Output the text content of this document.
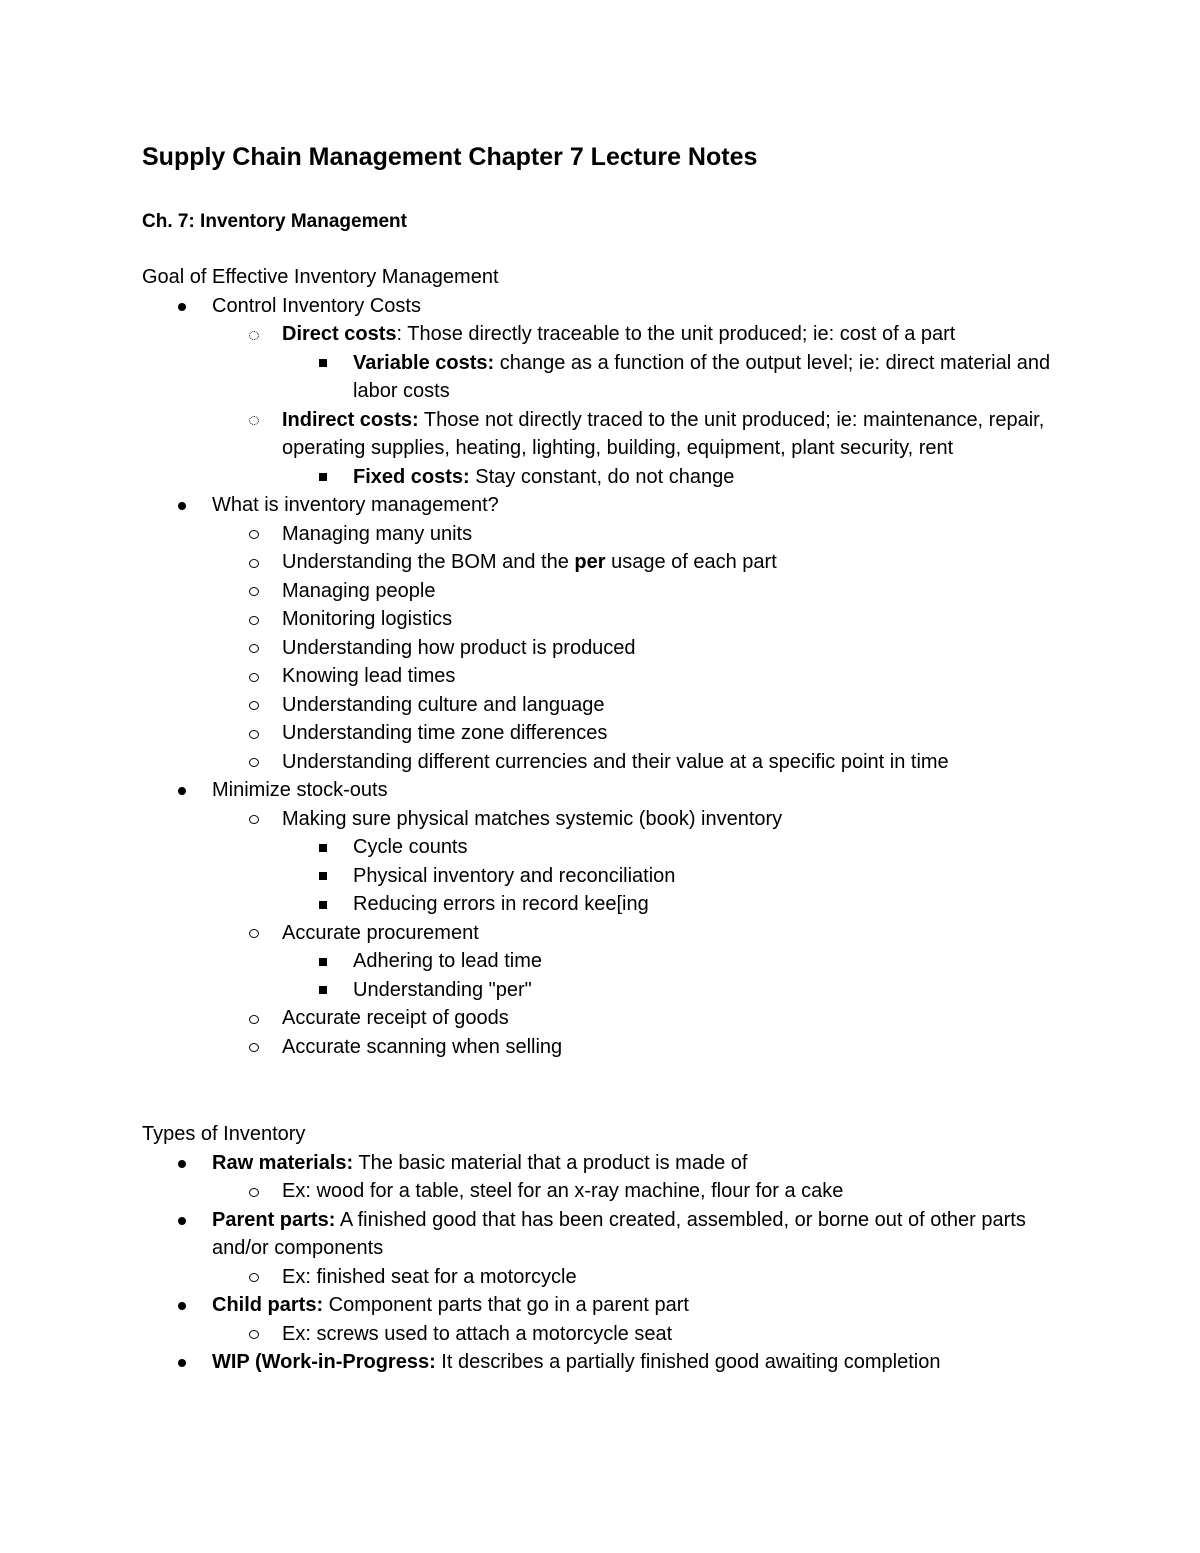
Supply Chain Management Chapter 7 Lecture Notes
Ch. 7: Inventory Management

Goal of Effective Inventory Management

Control Inventory Costs
Direct costs: Those directly traceable to the unit produced; ie: cost of a part
Variable costs: change as a function of the output level; ie: direct material and labor costs
Indirect costs: Those not directly traced to the unit produced; ie: maintenance, repair, operating supplies, heating, lighting, building, equipment, plant security, rent
Fixed costs: Stay constant, do not change
What is inventory management?
Managing many units
Understanding the BOM and the per usage of each part
Managing people
Monitoring logistics
Understanding how product is produced
Knowing lead times
Understanding culture and language
Understanding time zone differences
Understanding different currencies and their value at a specific point in time
Minimize stock-outs
Making sure physical matches systemic (book) inventory
Cycle counts
Physical inventory and reconciliation
Reducing errors in record kee[ing
Accurate procurement
Adhering to lead time
Understanding "per"
Accurate receipt of goods
Accurate scanning when selling

Types of Inventory

Raw materials: The basic material that a product is made of
Ex: wood for a table, steel for an x-ray machine, flour for a cake
Parent parts: A finished good that has been created, assembled, or borne out of other parts and/or components
Ex: finished seat for a motorcycle
Child parts: Component parts that go in a parent part
Ex: screws used to attach a motorcycle seat
WIP (Work-in-Progress: It describes a partially finished good awaiting completion
